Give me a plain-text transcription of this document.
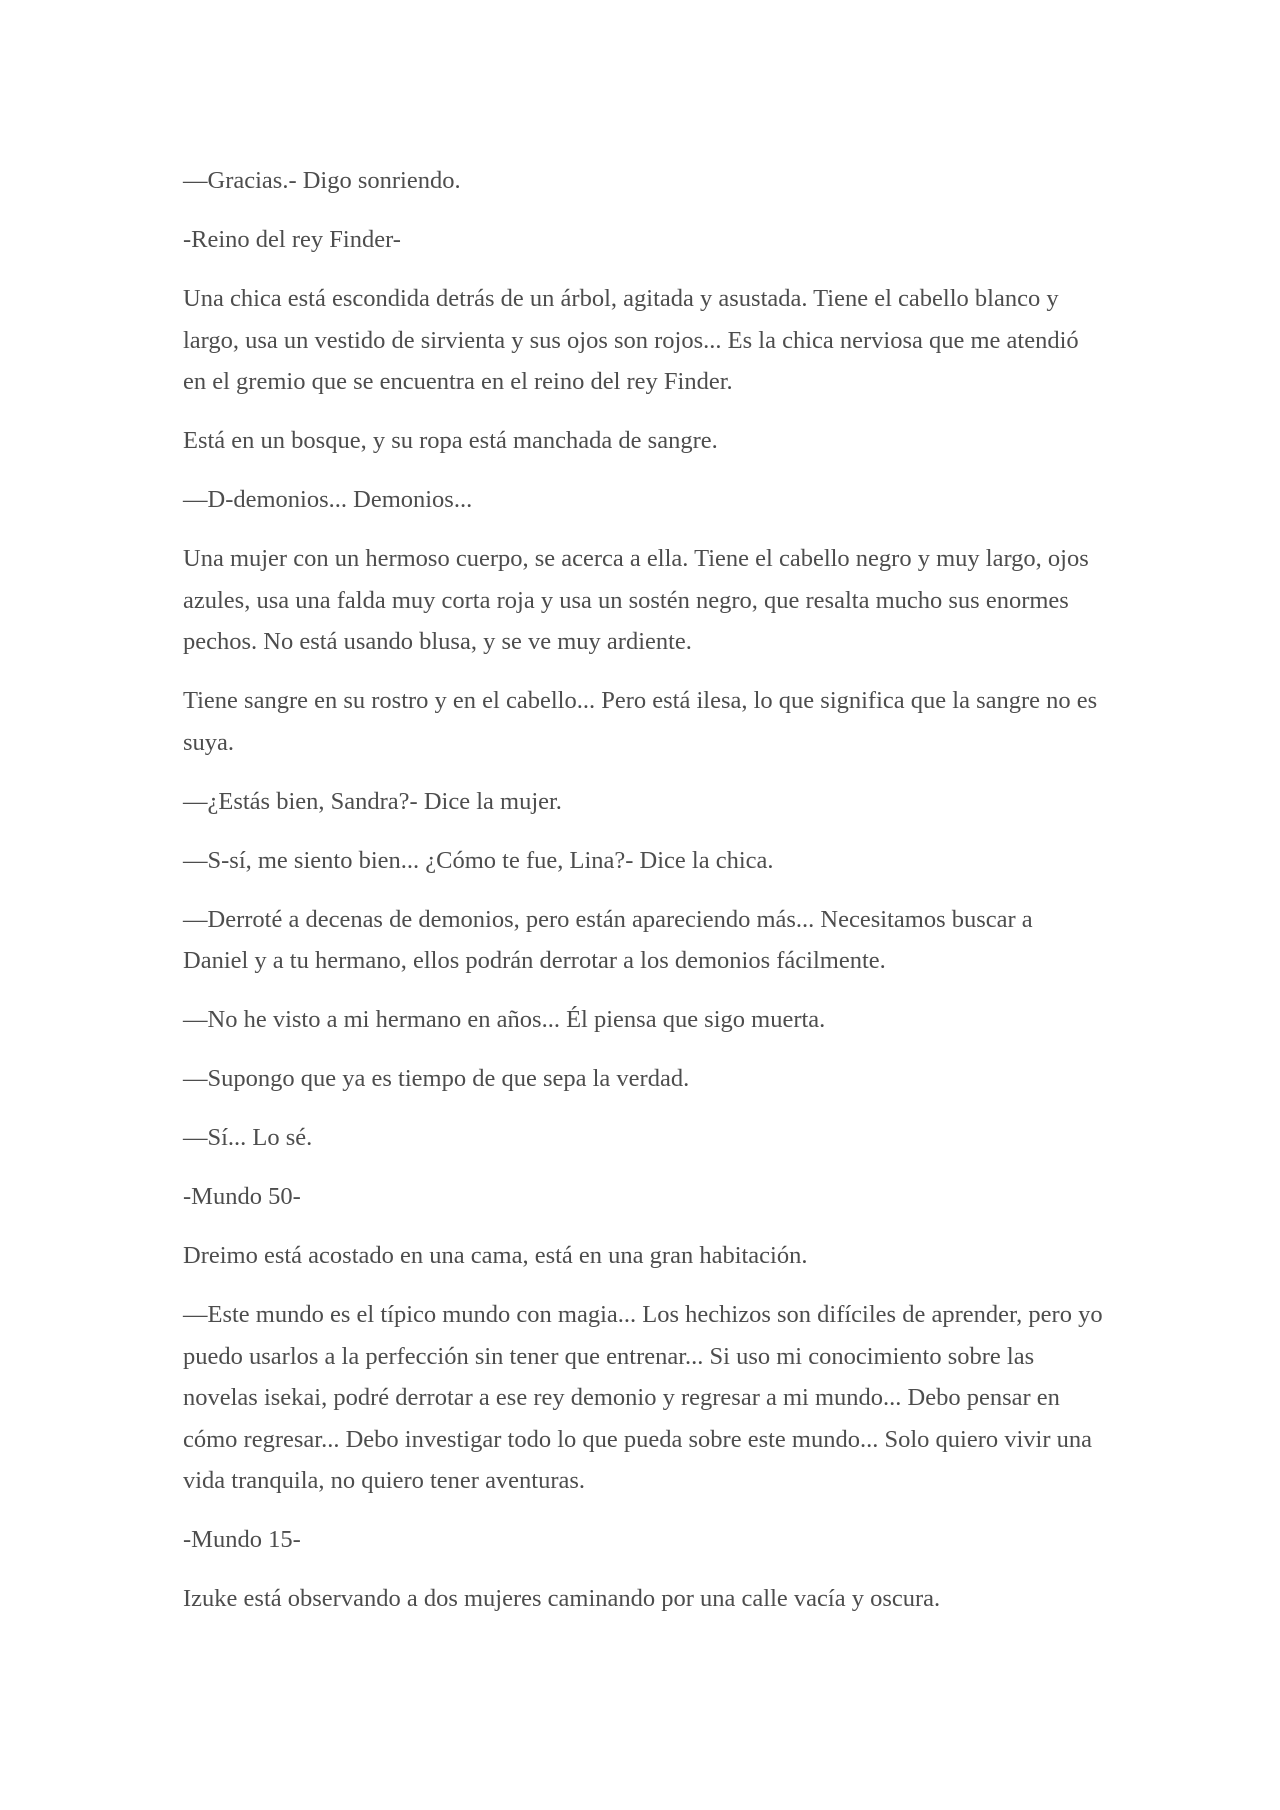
—Gracias.- Digo sonriendo.

-Reino del rey Finder-

Una chica está escondida detrás de un árbol, agitada y asustada. Tiene el cabello blanco y largo, usa un vestido de sirvienta y sus ojos son rojos... Es la chica nerviosa que me atendió en el gremio que se encuentra en el reino del rey Finder.

Está en un bosque, y su ropa está manchada de sangre.

—D-demonios... Demonios...

Una mujer con un hermoso cuerpo, se acerca a ella. Tiene el cabello negro y muy largo, ojos azules, usa una falda muy corta roja y usa un sostén negro, que resalta mucho sus enormes pechos. No está usando blusa, y se ve muy ardiente.

Tiene sangre en su rostro y en el cabello... Pero está ilesa, lo que significa que la sangre no es suya.

—¿Estás bien, Sandra?- Dice la mujer.

—S-sí, me siento bien... ¿Cómo te fue, Lina?- Dice la chica.

—Derroté a decenas de demonios, pero están apareciendo más... Necesitamos buscar a Daniel y a tu hermano, ellos podrán derrotar a los demonios fácilmente.

—No he visto a mi hermano en años... Él piensa que sigo muerta.

—Supongo que ya es tiempo de que sepa la verdad.

—Sí... Lo sé.

-Mundo 50-

Dreimo está acostado en una cama, está en una gran habitación.

—Este mundo es el típico mundo con magia... Los hechizos son difíciles de aprender, pero yo puedo usarlos a la perfección sin tener que entrenar... Si uso mi conocimiento sobre las novelas isekai, podré derrotar a ese rey demonio y regresar a mi mundo... Debo pensar en cómo regresar... Debo investigar todo lo que pueda sobre este mundo... Solo quiero vivir una vida tranquila, no quiero tener aventuras.

-Mundo 15-

Izuke está observando a dos mujeres caminando por una calle vacía y oscura.
